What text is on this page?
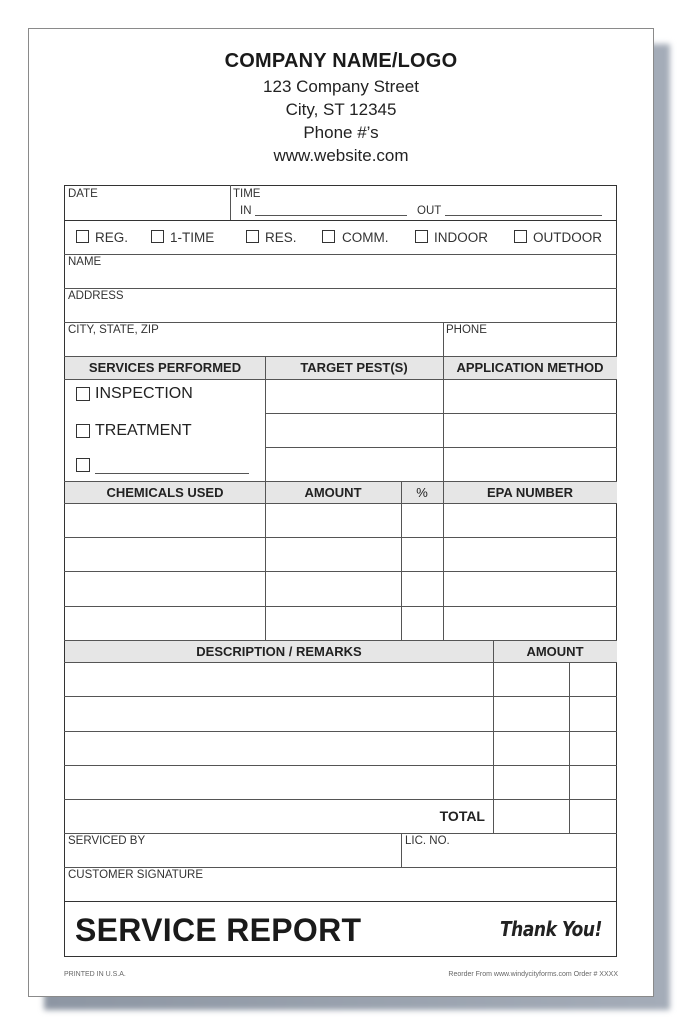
COMPANY NAME/LOGO
123 Company Street
City, ST 12345
Phone #’s
www.website.com
DATE	TIME
IN	OUT
REG.	1-TIME	RES.	COMM.	INDOOR	OUTDOOR
NAME
ADDRESS
CITY, STATE, ZIP	PHONE
SERVICES PERFORMED	TARGET PEST(S)	APPLICATION METHOD
INSPECTION
TREATMENT
CHEMICALS USED	AMOUNT	%	EPA NUMBER
DESCRIPTION / REMARKS	AMOUNT
TOTAL
SERVICED BY	LIC. NO.
CUSTOMER SIGNATURE
SERVICE REPORT	Thank You!
PRINTED IN U.S.A.	Reorder From www.windycityforms.com Order # XXXX
